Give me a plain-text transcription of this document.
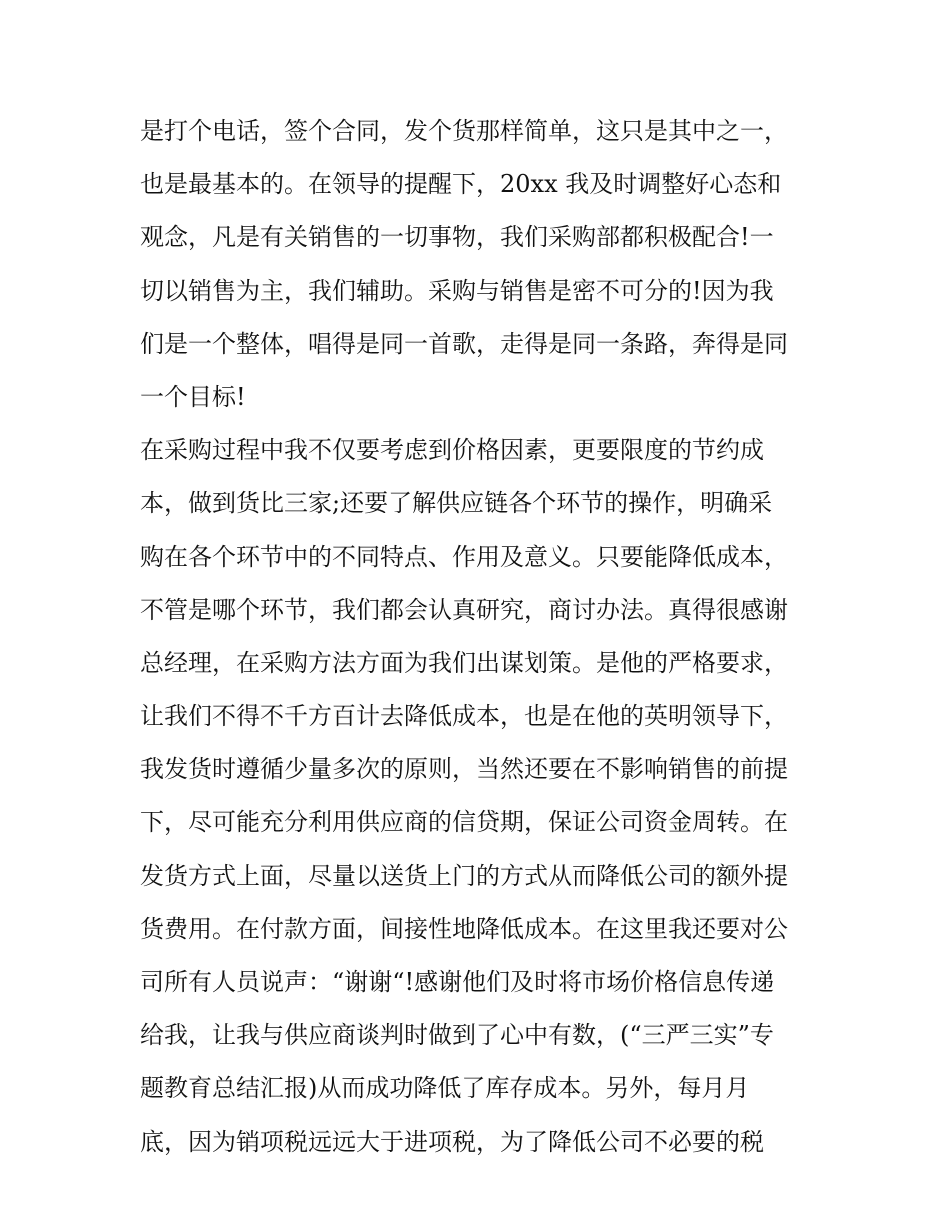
是打个电话，签个合同，发个货那样简单，这只是其中之一，
也是最基本的。在领导的提醒下，20xx 我及时调整好心态和
观念，凡是有关销售的一切事物，我们采购部都积极配合!一
切以销售为主，我们辅助。采购与销售是密不可分的!因为我
们是一个整体，唱得是同一首歌，走得是同一条路，奔得是同
一个目标!
在采购过程中我不仅要考虑到价格因素，更要限度的节约成
本，做到货比三家;还要了解供应链各个环节的操作，明确采
购在各个环节中的不同特点、作用及意义。只要能降低成本，
不管是哪个环节，我们都会认真研究，商讨办法。真得很感谢
总经理，在采购方法方面为我们出谋划策。是他的严格要求，
让我们不得不千方百计去降低成本，也是在他的英明领导下，
我发货时遵循少量多次的原则，当然还要在不影响销售的前提
下，尽可能充分利用供应商的信贷期，保证公司资金周转。在
发货方式上面，尽量以送货上门的方式从而降低公司的额外提
货费用。在付款方面，间接性地降低成本。在这里我还要对公
司所有人员说声：“谢谢“!感谢他们及时将市场价格信息传递
给我，让我与供应商谈判时做到了心中有数，(“三严三实”专
题教育总结汇报)从而成功降低了库存成本。另外，每月月
底，因为销项税远远大于进项税，为了降低公司不必要的税
